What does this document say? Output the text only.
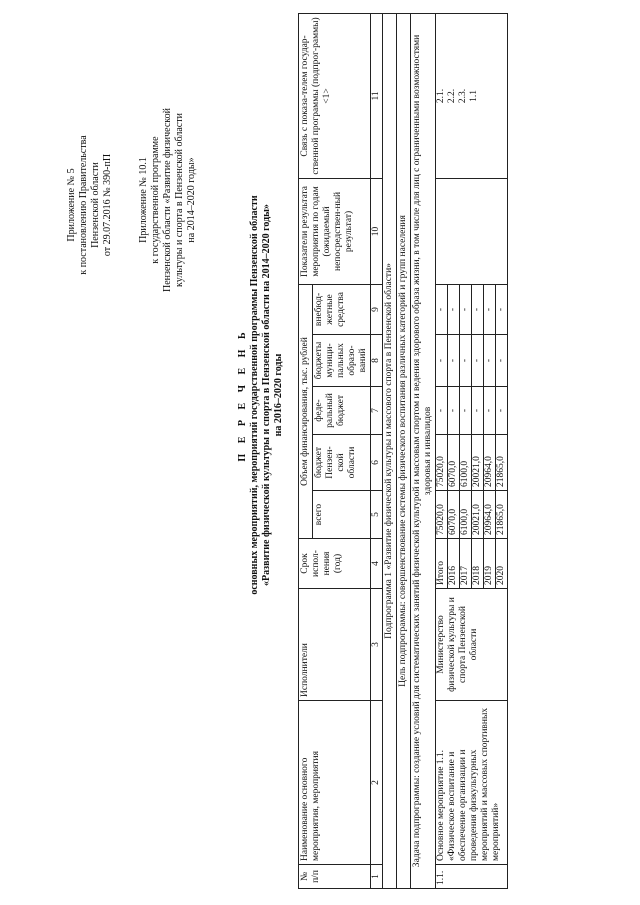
Приложение № 5 к постановлению Правительства Пензенской области от 29.07.2016 № 390-пП	Приложение № 10.1 к государственной программе Пензенской области «Развитие физической культуры и спорта в Пензенской области на 2014–2020 годы»
П Е Р Е Ч Е Н Ь основных мероприятий, мероприятий государственной программы Пензенской области «Развитие физической культуры и спорта в Пензенской области на 2014–2020 годы» на 2016–2020 годы
№ п/п	Наименование основного мероприятия, мероприятия	Исполнители	Срок испол-нения (год)	Объем финансирования, тыс. рублей					Показатели результата мероприятия по годам (ожидаемый непосредствен-ный результат)	Связь с показа-телем государ-ственной программы (подпрог-раммы) <1>
				всего	бюджет Пензен-ской области	феде-ральный бюджет	бюджеты муници-пальных образо-ваний	внебюд-жетные средства		
1	2	3	4	5	6	7	8	9	10	11
Подпрограмма 1 «Развитие физической культуры и массового спорта в Пензенской области»										
Цель подпрограммы: совершенствование системы физического воспитания различных категорий и групп населения										
Задача подпрограммы: создание условий для систематических занятий физической культурой и массовым спортом и ведения здорового образа жизни, в том числе для лиц с ограниченными возможностями здоровья и инвалидов										
1.1.	Основное мероприятие 1.1. «Физическое воспитание и обеспечение организации и проведения физкультурных мероприятий и массовых спортивных мероприятий»	Министерство физической культуры и спорта Пензенской области	Итого	75020,0	75020,0	-	-	-		2.1. 2.2. 2.3. 1.1

			2016	6070,0	6070,0	-	-	-		
			2017	6100,0	6100,0	-	-	-		
			2018	20021,0	20021,0	-	-	-		
			2019	20964,0	20964,0	-	-	-		
			2020	21865,0	21865,0	-	-	-		
